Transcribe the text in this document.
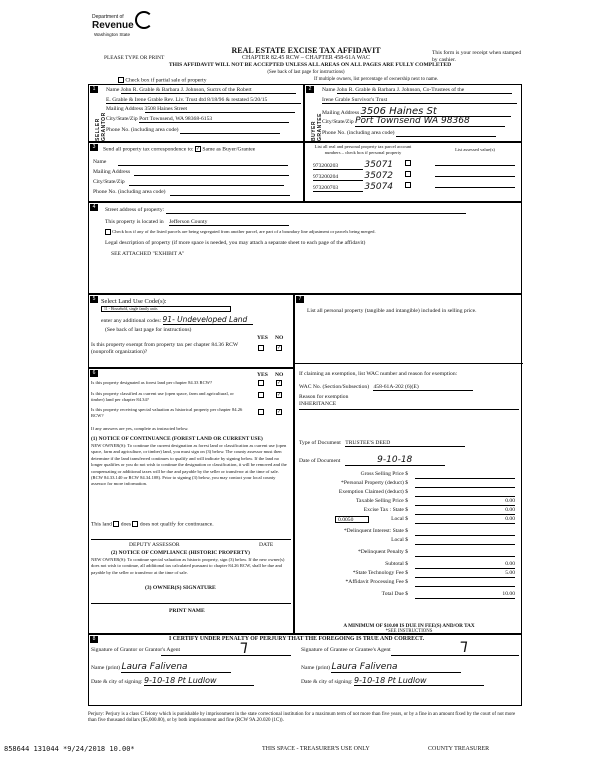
Department of
Revenue
Washington State
PLEASE TYPE OR PRINT
REAL ESTATE EXCISE TAX AFFIDAVIT
CHAPTER 82.45 RCW – CHAPTER 458-61A WAC
THIS AFFIDAVIT WILL NOT BE ACCEPTED UNLESS ALL AREAS ON ALL PAGES ARE FULLY COMPLETED
(See back of last page for instructions)
This form is your receipt when stamped by cashier.
Check box if partial sale of property	If multiple owners, list percentage of ownership next to name.
1
SELLER GRANTOR
Name John R. Grable & Barbara J. Johnson, Suctrs of the Robert
E. Grable & Irene Grable Rev. Liv. Trust dtd 8/18/96 & restated 5/20/15
Mailing Address 3508 Haines Street
City/State/Zip Port Townsend, WA 98368-6153
Phone No. (including area code)
2
BUYER GRANTEE
Name John R. Grable & Barbara J. Johnson, Co-Trustees of the
Irene Grable Survivor's Trust
Mailing Address 3506 Haines St
City/State/Zip Port Townsend WA 98368
Phone No. (including area code)
3	Send all property tax correspondence to: ✓ Same as Buyer/Grantee
Name
Mailing Address
City/State/Zip
Phone No. (including area code)
List all real and personal property tax parcel account numbers – check box if personal property
List assessed value(s)
973200203	35071
973200204	35072
973200703	35074
4	Street address of property:
This property is located in Jefferson County
Check box if any of the listed parcels are being segregated from another parcel, are part of a boundary line adjustment or parcels being merged.
Legal description of property (if more space is needed, you may attach a separate sheet to each page of the affidavit)
SEE ATTACHED "EXHIBIT A"
5 Select Land Use Code(s):
11 - Household, single family units
enter any additional codes: 91- Undeveloped Land
(See back of last page for instructions)
YES NO
Is this property exempt from property tax per chapter 84.36 RCW (nonprofit organization)?
✓
6	YES NO
Is this property designated as forest land per chapter 84.33 RCW?	✓
Is this property classified as current use (open space, farm and agricultural, or timber) land per chapter 84.34?
✓
Is this property receiving special valuation as historical property per chapter 84.26 RCW?
✓
If any answers are yes, complete as instructed below.
(1) NOTICE OF CONTINUANCE (FOREST LAND OR CURRENT USE)
NEW OWNER(S): To continue the current designation as forest land or classification as current use (open space, farm and agriculture, or timber) land, you must sign on (3) below. The county assessor must then determine if the land transferred continues to qualify and will indicate by signing below. If the land no longer qualifies or you do not wish to continue the designation or classification, it will be removed and the compensating or additional taxes will be due and payable by the seller or transferor at the time of sale. (RCW 84.33.140 or RCW 84.34.108). Prior to signing (3) below, you may contact your local county assessor for more information.
This land does does not qualify for continuance.
DEPUTY ASSESSOR	DATE
(2) NOTICE OF COMPLIANCE (HISTORIC PROPERTY)
NEW OWNER(S): To continue special valuation as historic property, sign (3) below. If the new owner(s) does not wish to continue, all additional tax calculated pursuant to chapter 84.26 RCW, shall be due and payable by the seller or transferor at the time of sale.
(3) OWNER(S) SIGNATURE
PRINT NAME
7
List all personal property (tangible and intangible) included in selling price.
If claiming an exemption, list WAC number and reason for exemption:
WAC No. (Section/Subsection) 458-61A-202 (6)(E)
Reason for exemption
INHERITANCE
Type of Document TRUSTEE'S DEED
Date of Document	9-10-18
Gross Selling Price $
*Personal Property (deduct) $
Exemption Claimed (deduct) $
Taxable Selling Price $	0.00
Excise Tax : State $	0.00
0.0050	Local $	0.00
*Delinquent Interest: State $
Local $
*Delinquent Penalty $
Subtotal $	0.00
*State Technology Fee $	5.00
*Affidavit Processing Fee $
Total Due $	10.00
A MINIMUM OF $10.00 IS DUE IN FEE(S) AND/OR TAX
*SEE INSTRUCTIONS
8	I CERTIFY UNDER PENALTY OF PERJURY THAT THE FOREGOING IS TRUE AND CORRECT.
Signature of Grantor or Grantor's Agent	ᒣ
Name (print) Laura Falivena
Date & city of signing: 9-10-18 Pt Ludlow
Signature of Grantee or Grantee's Agent	ᒣ
Name (print) Laura Falivena
Date & city of signing: 9-10-18 Pt Ludlow
Perjury: Perjury is a class C felony which is punishable by imprisonment in the state correctional institution for a maximum term of not more than five years, or by a fine in an amount fixed by the court of not more than five thousand dollars ($5,000.00), or by both imprisonment and fine (RCW 9A.20.020 (1C)).
858644 131044 *9/24/2018 10.00*	THIS SPACE - TREASURER'S USE ONLY	COUNTY TREASURER
